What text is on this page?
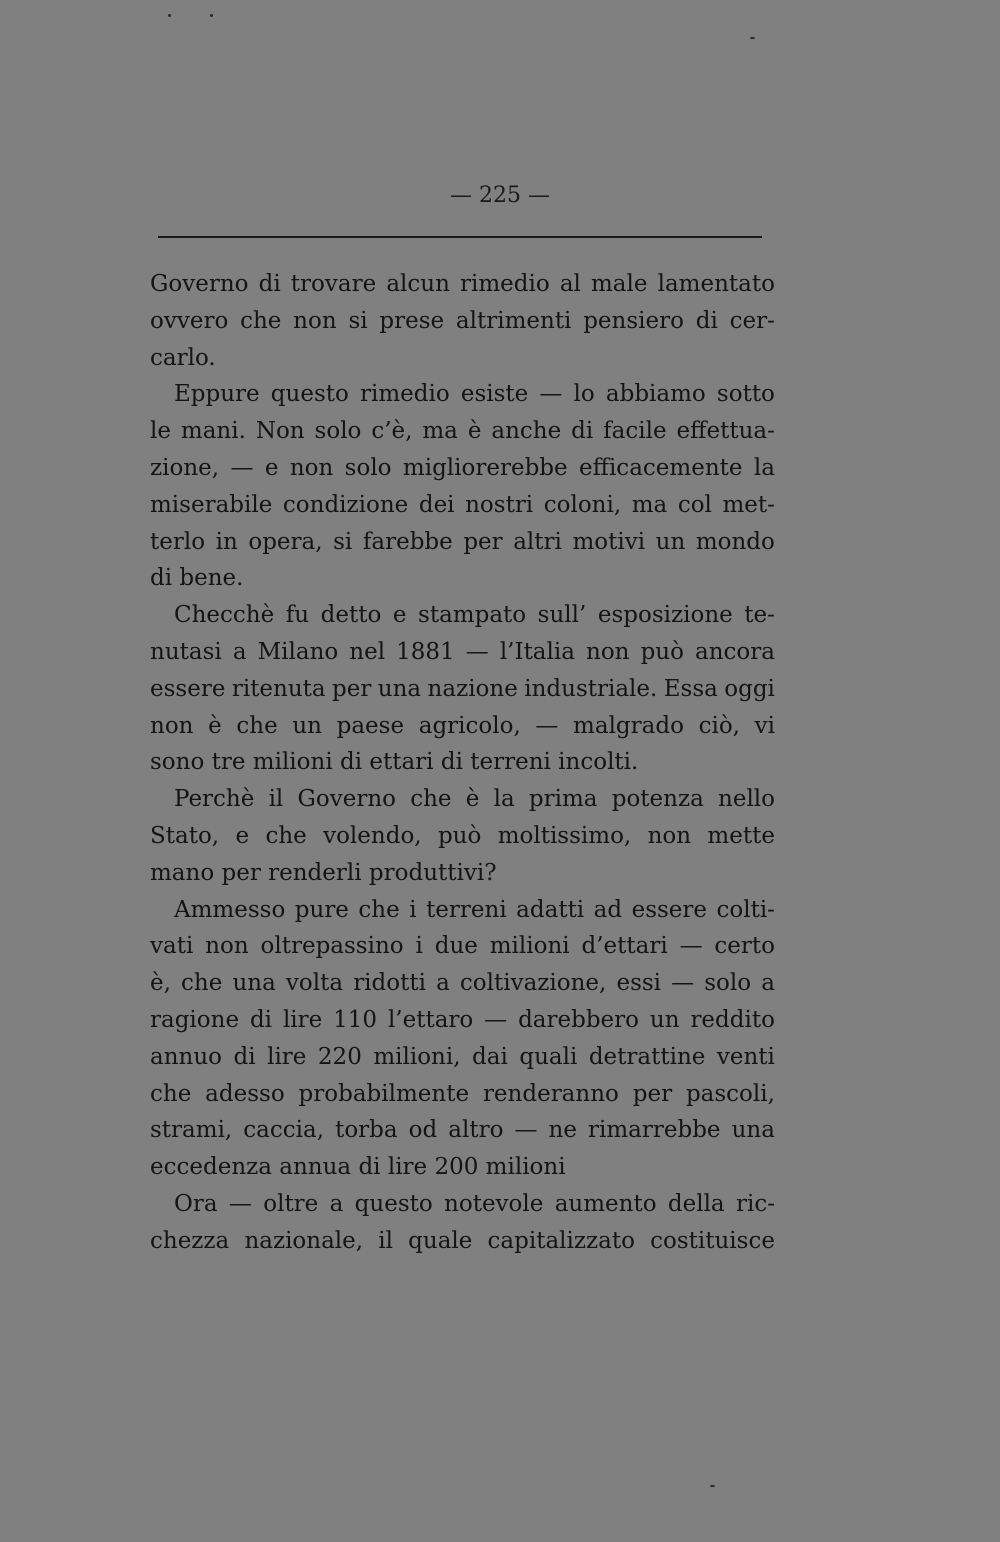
— 225 —
Governo di trovare alcun rimedio al male lamentato
ovvero che non si prese altrimenti pensiero di cer-
carlo.
Eppure questo rimedio esiste — lo abbiamo sotto
le mani. Non solo c’è, ma è anche di facile effettua-
zione, — e non solo migliorerebbe efficacemente la
miserabile condizione dei nostri coloni, ma col met-
terlo in opera, si farebbe per altri motivi un mondo
di bene.
Checchè fu detto e stampato sull’ esposizione te-
nutasi a Milano nel 1881 — l’Italia non può ancora
essere ritenuta per una nazione industriale. Essa oggi
non è che un paese agricolo, — malgrado ciò, vi
sono tre milioni di ettari di terreni incolti.
Perchè il Governo che è la prima potenza nello
Stato, e che volendo, può moltissimo, non mette
mano per renderli produttivi?
Ammesso pure che i terreni adatti ad essere colti-
vati non oltrepassino i due milioni d’ettari — certo
è, che una volta ridotti a coltivazione, essi — solo a
ragione di lire 110 l’ettaro — darebbero un reddito
annuo di lire 220 milioni, dai quali detrattine venti
che adesso probabilmente renderanno per pascoli,
strami, caccia, torba od altro — ne rimarrebbe una
eccedenza annua di lire 200 milioni
Ora — oltre a questo notevole aumento della ric-
chezza nazionale, il quale capitalizzato costituisce
